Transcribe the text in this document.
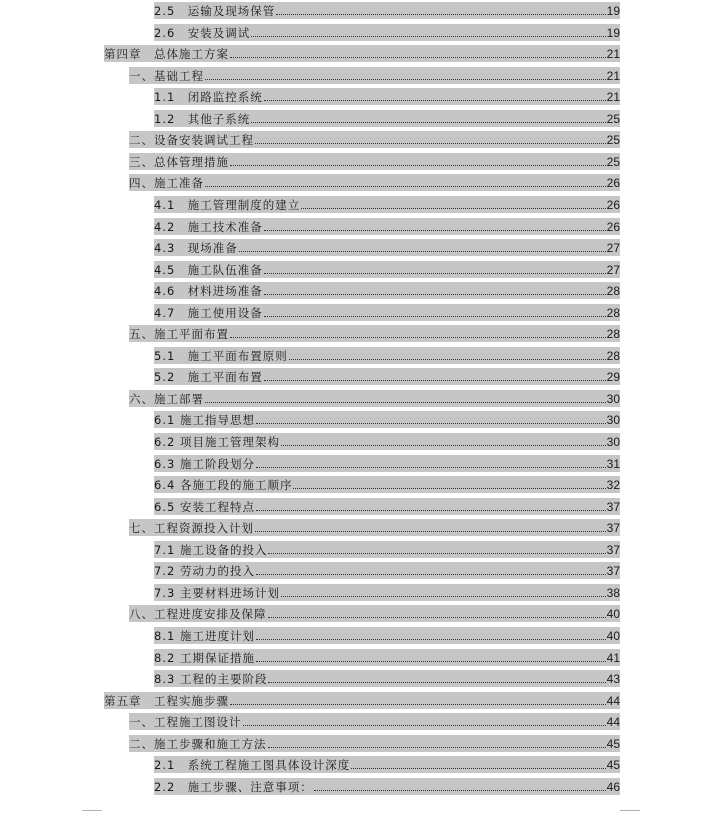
2.5　运输及现场保管	19
2.6　安装及调试	19
第四章　总体施工方案	21
一、基础工程	21
1.1　闭路监控系统	21
1.2　其他子系统	25
二、设备安装调试工程	25
三、总体管理措施	25
四、施工准备	26
4.1　施工管理制度的建立	26
4.2　施工技术准备	26
4.3　现场准备	27
4.5　施工队伍准备	27
4.6　材料进场准备	28
4.7　施工使用设备	28
五、施工平面布置	28
5.1　施工平面布置原则	28
5.2　施工平面布置	29
六、施工部署	30
6.1 施工指导思想	30
6.2 项目施工管理架构	30
6.3 施工阶段划分	31
6.4 各施工段的施工顺序	32
6.5 安装工程特点	37
七、工程资源投入计划	37
7.1 施工设备的投入	37
7.2 劳动力的投入	37
7.3 主要材料进场计划	38
八、工程进度安排及保障	40
8.1 施工进度计划	40
8.2 工期保证措施	41
8.3 工程的主要阶段	43
第五章　工程实施步骤	44
一、工程施工图设计	44
二、施工步骤和施工方法	45
2.1　系统工程施工图具体设计深度	45
2.2　施工步骤、注意事项：	46
